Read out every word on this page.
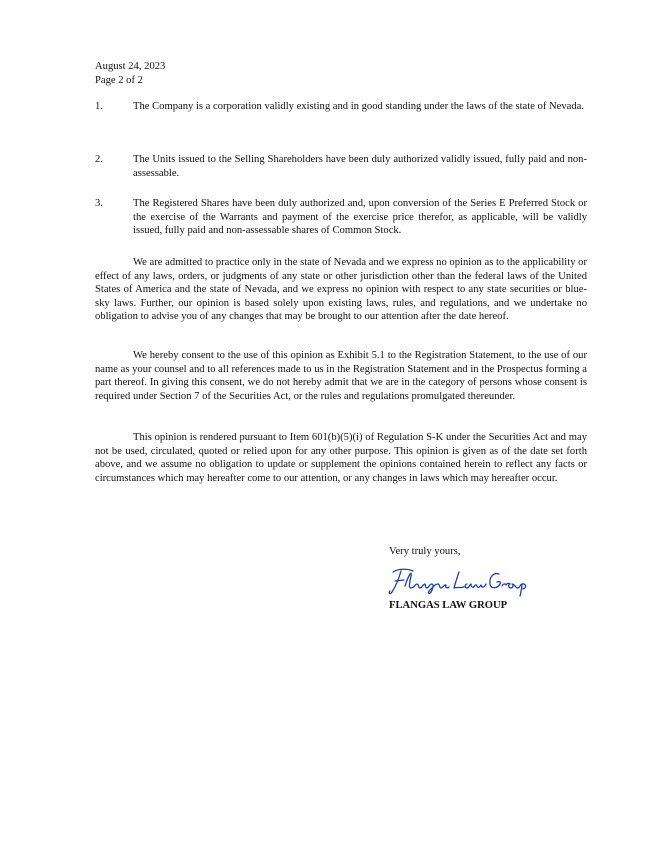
August 24, 2023
Page 2 of 2
1.	The Company is a corporation validly existing and in good standing under the laws of the state of Nevada.
2.	The Units issued to the Selling Shareholders have been duly authorized validly issued, fully paid and non-assessable.
3.	The Registered Shares have been duly authorized and, upon conversion of the Series E Preferred Stock or the exercise of the Warrants and payment of the exercise price therefor, as applicable, will be validly issued, fully paid and non-assessable shares of Common Stock.
We are admitted to practice only in the state of Nevada and we express no opinion as to the applicability or effect of any laws, orders, or judgments of any state or other jurisdiction other than the federal laws of the United States of America and the state of Nevada, and we express no opinion with respect to any state securities or blue-sky laws. Further, our opinion is based solely upon existing laws, rules, and regulations, and we undertake no obligation to advise you of any changes that may be brought to our attention after the date hereof.
We hereby consent to the use of this opinion as Exhibit 5.1 to the Registration Statement, to the use of our name as your counsel and to all references made to us in the Registration Statement and in the Prospectus forming a part thereof. In giving this consent, we do not hereby admit that we are in the category of persons whose consent is required under Section 7 of the Securities Act, or the rules and regulations promulgated thereunder.
This opinion is rendered pursuant to Item 601(b)(5)(i) of Regulation S-K under the Securities Act and may not be used, circulated, quoted or relied upon for any other purpose. This opinion is given as of the date set forth above, and we assume no obligation to update or supplement the opinions contained herein to reflect any facts or circumstances which may hereafter come to our attention, or any changes in laws which may hereafter occur.
Very truly yours,
FLANGAS LAW GROUP
